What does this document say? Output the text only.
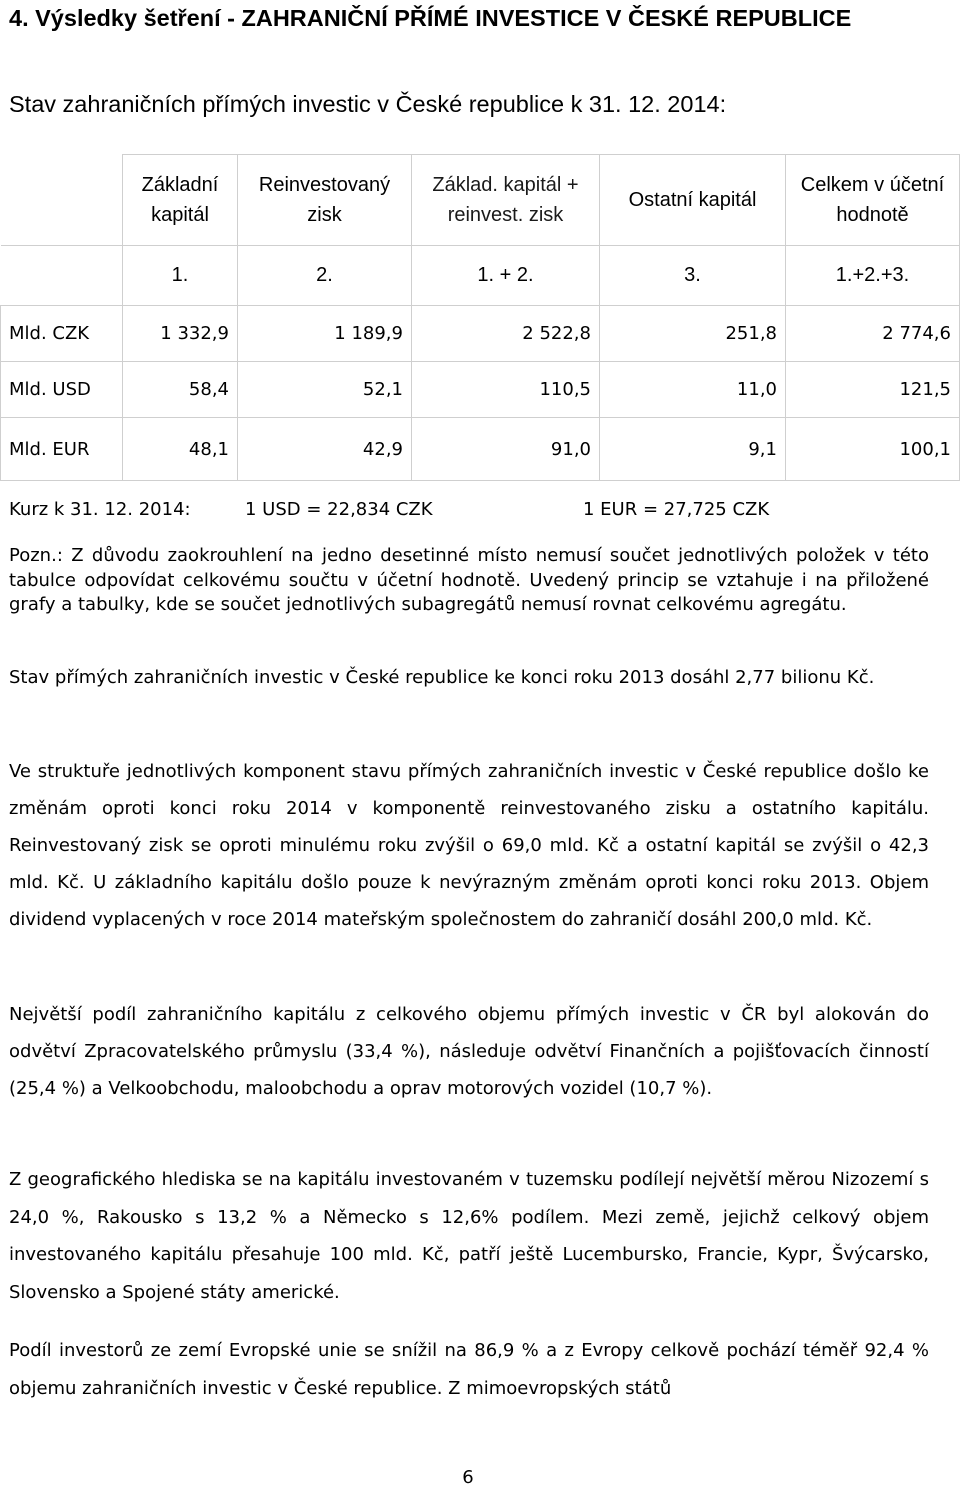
4. Výsledky šetření - ZAHRANIČNÍ PŘÍMÉ INVESTICE V ČESKÉ REPUBLICE
Stav zahraničních přímých investic v České republice k 31. 12. 2014:
	Základní kapitál	Reinvestovaný zisk	Základ. kapitál + reinvest. zisk	Ostatní kapitál	Celkem v účetní hodnotě
	1.	2.	1. + 2.	3.	1.+2.+3.
Mld. CZK	1 332,9	1 189,9	2 522,8	251,8	2 774,6
Mld. USD	58,4	52,1	110,5	11,0	121,5
Mld. EUR	48,1	42,9	91,0	9,1	100,1

Kurz k 31. 12. 2014:

	1 USD = 22,834 CZK

	1 EUR = 27,725 CZK

Pozn.: Z důvodu zaokrouhlení na jedno desetinné místo nemusí součet jednotlivých položek v této tabulce odpovídat celkovému součtu v účetní hodnotě. Uvedený princip se vztahuje i na přiložené grafy a tabulky, kde se součet jednotlivých subagregátů nemusí rovnat celkovému agregátu.
Stav přímých zahraničních investic v České republice ke konci roku 2013 dosáhl 2,77 bilionu Kč.
Ve struktuře jednotlivých komponent stavu přímých zahraničních investic v České republice došlo ke změnám oproti konci roku 2014 v komponentě reinvestovaného zisku a ostatního kapitálu. Reinvestovaný zisk se oproti minulému roku zvýšil o 69,0 mld. Kč a ostatní kapitál se zvýšil o 42,3 mld. Kč. U základního kapitálu došlo pouze k nevýrazným změnám oproti konci roku 2013. Objem dividend vyplacených v roce 2014 mateřským společnostem do zahraničí dosáhl 200,0 mld. Kč.
Největší podíl zahraničního kapitálu z celkového objemu přímých investic v ČR byl alokován do odvětví Zpracovatelského průmyslu (33,4 %), následuje odvětví Finančních a pojišťovacích činností (25,4 %) a Velkoobchodu, maloobchodu a oprav motorových vozidel (10,7 %).
Z geografického hlediska se na kapitálu investovaném v tuzemsku podílejí největší měrou Nizozemí s 24,0 %, Rakousko s 13,2 % a Německo s 12,6% podílem. Mezi země, jejichž celkový objem investovaného kapitálu přesahuje 100 mld. Kč, patří ještě Lucembursko, Francie, Kypr, Švýcarsko, Slovensko a Spojené státy americké.
Podíl investorů ze zemí Evropské unie se snížil na 86,9 % a z Evropy celkově pochází téměř 92,4 % objemu zahraničních investic v České republice. Z mimoevropských států
6
